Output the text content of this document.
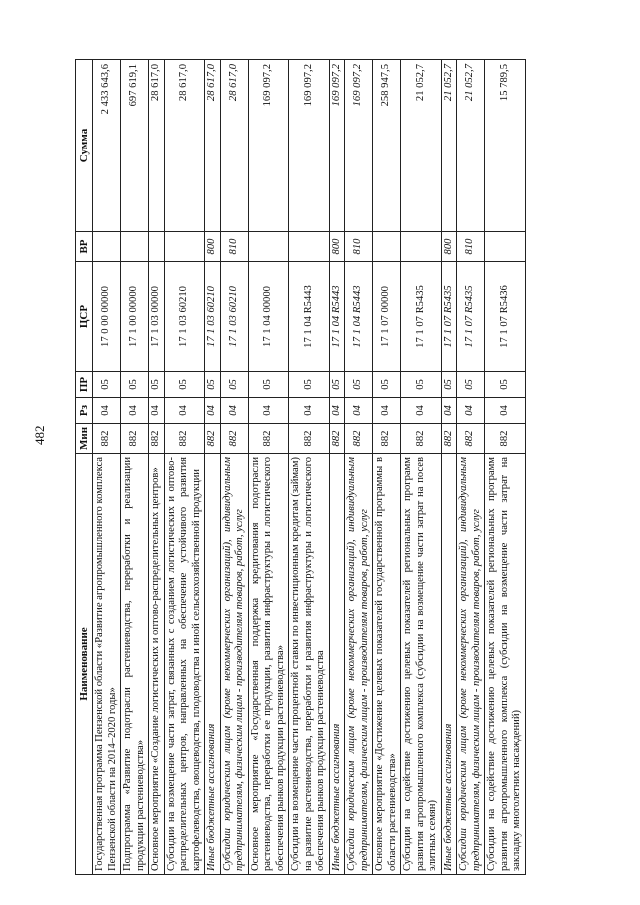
482
Наименование	Мин	Рз	ПР	ЦСР	ВР	Сумма
Государственная программа Пензенской области «Развитие агропромышленного комплекса Пензенской области на 2014–2020 годы»	882	04	05	17 0 00 00000		2 433 643,6
Подпрограмма «Развитие подотрасли растениеводства, переработки и реализации продукции растениеводства»	882	04	05	17 1 00 00000		697 619,1
Основное мероприятие «Создание логистических и оптово-распределительных центров»	882	04	05	17 1 03 00000		28 617,0
Субсидии на возмещение части затрат, связанных с созданием логистических и оптово-распределительных центров, направленных на обеспечение устойчивого развития картофелеводства, овощеводства, плодоводства и иной сельскохозяйственной продукции	882	04	05	17 1 03 60210		28 617,0
Иные бюджетные ассигнования	882	04	05	17 1 03 60210	800	28 617,0
Субсидии юридическим лицам (кроме некоммерческих организаций), индивидуальным предпринимателям, физическим лицам - производителям товаров, работ, услуг	882	04	05	17 1 03 60210	810	28 617,0
Основное мероприятие «Государственная поддержка кредитования подотрасли растениеводства, переработки ее продукции, развития инфраструктуры и логистического обеспечения рынков продукции растениеводства»	882	04	05	17 1 04 00000		169 097,2
Субсидии на возмещение части процентной ставки по инвестиционным кредитам (займам) на развитие растениеводства, переработки и развития инфраструктуры и логистического обеспечения рынков продукции растениеводства	882	04	05	17 1 04 R5443		169 097,2
Иные бюджетные ассигнования	882	04	05	17 1 04 R5443	800	169 097,2
Субсидии юридическим лицам (кроме некоммерческих организаций), индивидуальным предпринимателям, физическим лицам - производителям товаров, работ, услуг	882	04	05	17 1 04 R5443	810	169 097,2
Основное мероприятие «Достижение целевых показателей государственной программы в области растениеводства»	882	04	05	17 1 07 00000		258 947,5
Субсидии на содействие достижению целевых показателей региональных программ развития агропромышленного комплекса (субсидии на возмещение части затрат на посев элитных семян)	882	04	05	17 1 07 R5435		21 052,7
Иные бюджетные ассигнования	882	04	05	17 1 07 R5435	800	21 052,7
Субсидии юридическим лицам (кроме некоммерческих организаций), индивидуальным предпринимателям, физическим лицам - производителям товаров, работ, услуг	882	04	05	17 1 07 R5435	810	21 052,7
Субсидии на содействие достижению целевых показателей региональных программ развития агропромышленного комплекса (субсидии на возмещение части затрат на закладку многолетних насаждений)	882	04	05	17 1 07 R5436		15 789,5
